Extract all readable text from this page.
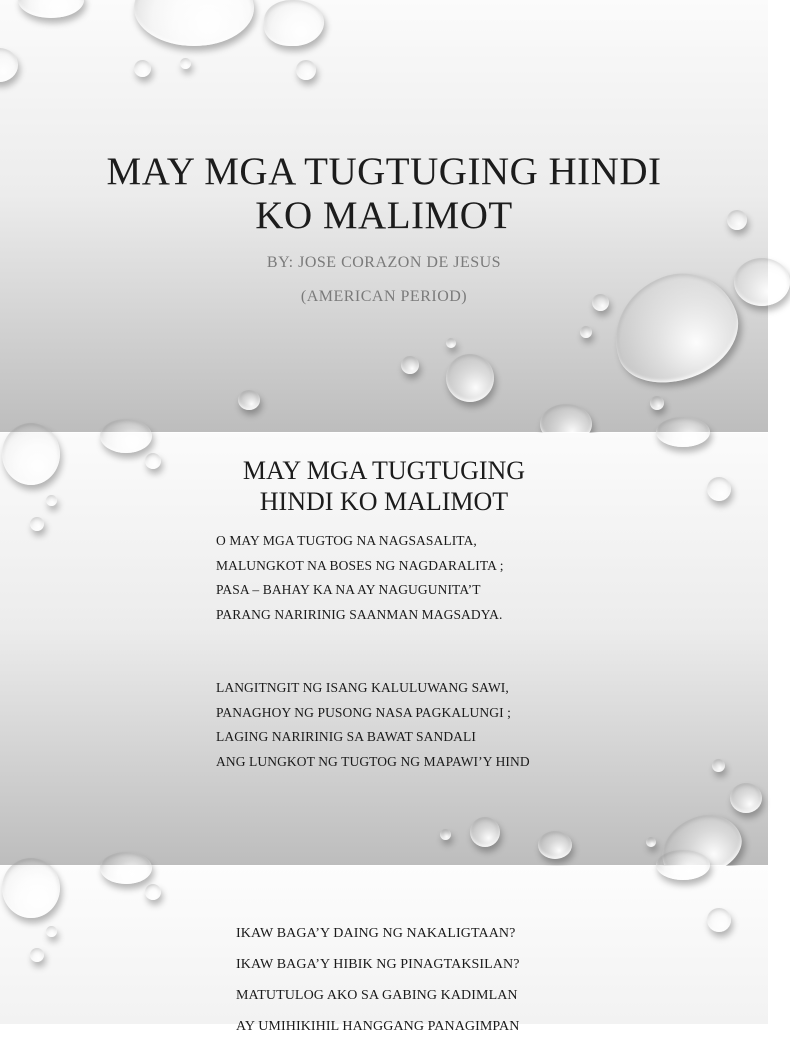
MAY MGA TUGTUGING HINDI KO MALIMOT
BY: JOSE CORAZON DE JESUS
(AMERICAN PERIOD)
MAY MGA TUGTUGING HINDI KO MALIMOT
O MAY MGA TUGTOG NA NAGSASALITA,
MALUNGKOT NA BOSES NG NAGDARALITA ;
PASA – BAHAY KA NA AY NAGUGUNITA’T
PARANG NARIRINIG SAANMAN MAGSADYA.
LANGITNGIT NG ISANG KALULUWANG SAWI,
PANAGHOY NG PUSONG NASA PAGKALUNGI ;
LAGING NARIRINIG SA BAWAT SANDALI
ANG LUNGKOT NG TUGTOG NG MAPAWI’Y HIND
IKAW BAGA’Y DAING NG NAKALIGTAAN?
IKAW BAGA’Y HIBIK NG PINAGTAKSILAN?
MATUTULOG AKO SA GABING KADIMLAN
AY UMIHIKIHIL HANGGANG PANAGIMPAN
